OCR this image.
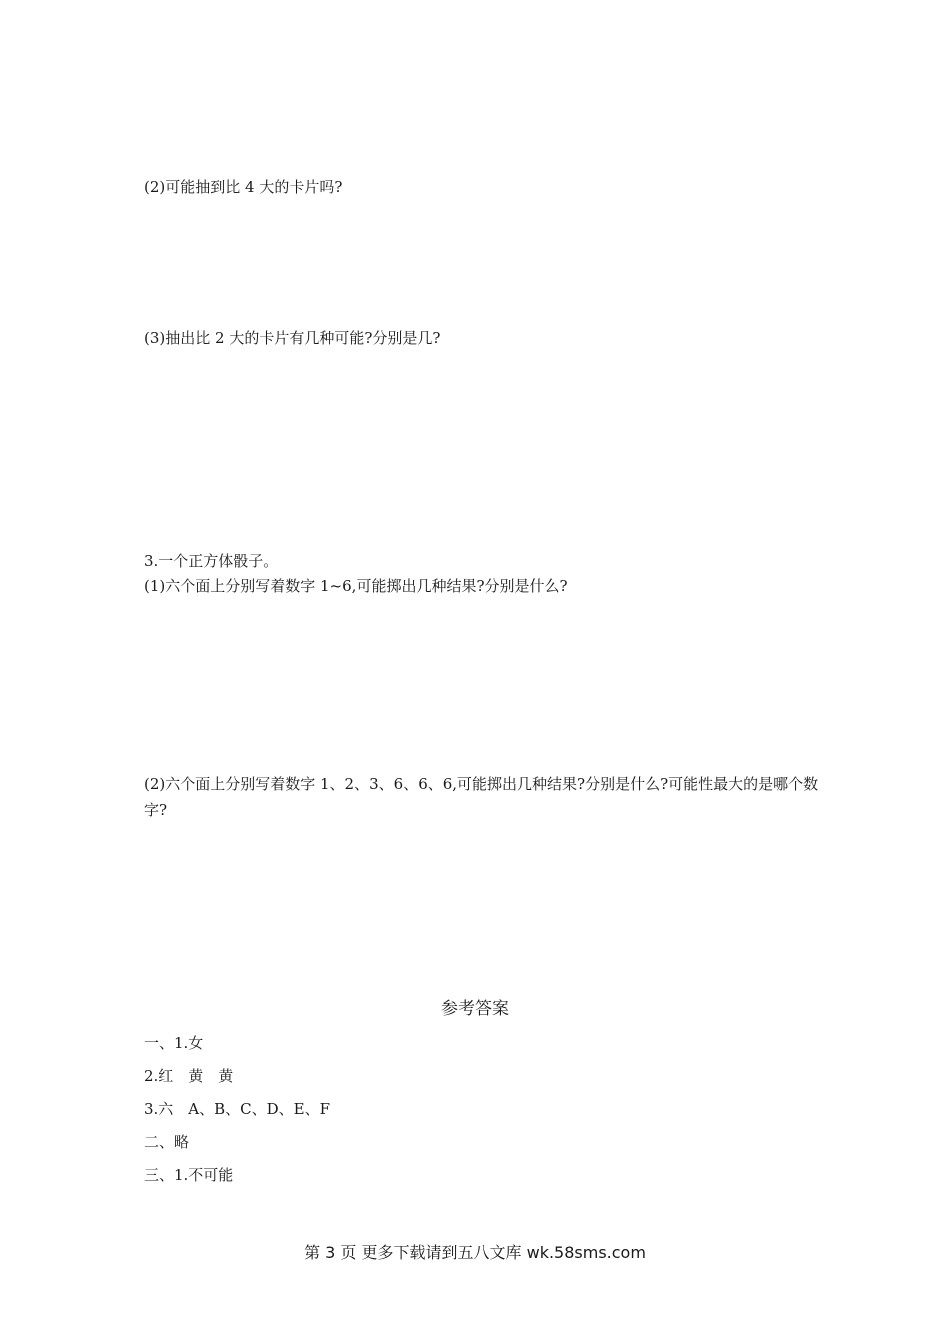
(2)可能抽到比 4 大的卡片吗?
(3)抽出比 2 大的卡片有几种可能?分别是几?
3.一个正方体骰子。
(1)六个面上分别写着数字 1~6,可能掷出几种结果?分别是什么?
(2)六个面上分别写着数字 1、2、3、6、6、6,可能掷出几种结果?分别是什么?可能性最大的是哪个数字?
参考答案
一、1.女
2.红　黄　黄
3.六　A、B、C、D、E、F
二、略
三、1.不可能
第 3 页 更多下载请到五八文库 wk.58sms.com
